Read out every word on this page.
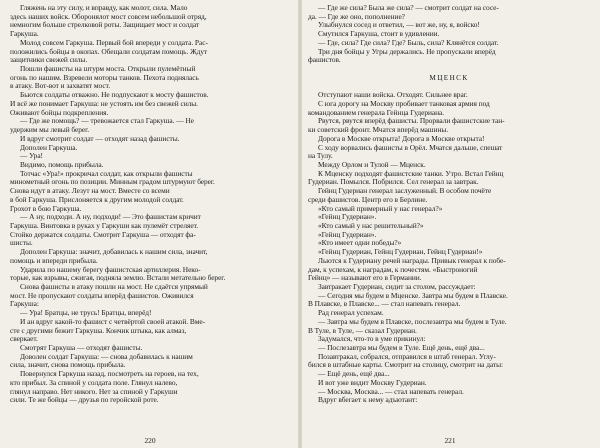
Гляжень на эту силу, и вправду, как молот, сила. Мало

здесь наших войск. Оборонялот мост совсем небольшой отряд,

немногим больше стрелковой роты. Защищает мост и солдат

Гаркуша.

Молод совсем Гаркуша. Первый бой впереди у солдата. Рас-

положились бойцы в окопах. Обещали солдатам помощь. Ждут

защитники свежей силы.

Пошли фашисты на штурм моста. Открыли пулемётный

огонь по нашим. Взревели моторы танков. Пехота поднялась

в атаку. Вот-вот и захватят мост.

Бьются солдаты отважно. Не подпускают к мосту фашистов.

И всё же понимает Гаркуша: не устоять им без свежей силы.

Оживают бойцы подкрепления.

— Где же помощь? — тревожается стал Гаркуша. — Не

удержим мы левый берег.

И вдруг смотрит солдат — отходят назад фашисты.

Дополен Гаркуша.

— Ура!

Видимо, помощь прибыла.

Тотчас «Ура!» прокричал солдат, как открыли фашисты

минометный огонь по позиции. Минным градом штурмуют берег.

Снова идут в атаку. Лезут на мост. Вместе со всеми

в бой Гаркуша. Прислоняется к другим молодой солдат.

Грохот в бою Гаркуша.

— А ну, подходи. А ну, подходи! — Это фашистам кричит

Гаркуша. Винтовка в руках у Гаркуши как пулемёт стреляет.

Стойко держатся солдаты. Смотрит Гаркуша — отходят фа-

шисты.

Дополен Гаркуша: значит, добавилась к нашим сила, значит,

помощь и впереди прибыла.

Ударила по нашему берегу фашистская артиллерия. Неко-

торые, как взрывы, сжигая, подняла землю. Встали метательно берег.

Снова фашисты в атаку пошли на мост. Не сдаётся упрямый

мост. Не пропускают солдаты вперёд фашистов. Оживился

Гаркуша:

— Ура! Братцы, не трусь! Братцы, вперёд!

И ан вдруг какой-то фашист с четвёртой своей атакой. Вме-

сте с другими бежит Гаркуша. Кончик штыка, как алмаз,

сверкает.

Смотрят Гаркуша — отходят фашисты.

Доволен солдат Гаркуша: — снова добавилась к нашим

сила, значит, снова помощь прибыла.

Повернулся Гаркуша назад, посмотреть на героев, на тех,

кто прибыл. За спиной у солдата поле. Глянул налево,

глянул направо. Нет никого. Нет за спиной у Гаркуши

сили. Те же бойцы — друзья по геройской роте.

220

— Где же сила? Была же сила? — смотрит солдат на сосе-

да. — Где же оно, пополнение?

Улыбнулся сосед и ответил, — вот же, ну, я, войско!

Смутился Гаркуша, стоит в удивлении.

— Где, сила? Где сила? Где? Быль, сила? Клянётся солдат.

Три дня бойцы у Угры держались. Не пропускали вперёд

фашистов.

МЦЕНСК

Отступают наши войска. Отходят. Сильнее враг.

С юга дорогу на Москву пробивает танковая армия под

командованием генерала Гейнца Гудериана.

Рвутся, рвутся вперёд фашисты. Прорвали фашистские тан-

ки советский фронт. Мчатся вперёд машины.

Дорога в Москве открыта! Дорога в Москве открыта!

С ходу ворвались фашисты в Орёл. Мчатся дальше, спешат

на Тулу.

Между Орлом и Тулой — Мценск.

К Мценску подходят фашистские танки. Утро. Встал Гейнц

Гудериан. Помылся. Побрился. Сел генерал за завтрак.

Гейнц Гудериан генерал заслуженный. В особом почёте

среди фашистов. Центр его в Берлине.

«Кто самый примерный у нас генерал?»

«Гейнц Гудериан».

«Кто самый у нас решительный?»

«Гейнц Гудериан».

«Кто имеет одни победы?»

«Гейнц Гудериан, Гейнц Гудериан, Гейнц Гудериан!»

Льются к Гудериану речей награды. Привык генерал к побе-

дам, к успехам, к наградам, к почестям. «Быстроногий

Гейнц» — называют его в Германии.

Завтракает Гудериан, сидит за столом, рассуждает:

— Сегодня мы будем в Мценске. Завтра мы будем в Плавске.

В Плавске, в Плавске... — стал напевать генерал.

Рад генерал успехам.

— Завтра мы будем в Плавске, послезавтра мы будем в Туле.

В Туле, в Туле, — сказал Гудериан.

Задумался, что-то в уме прикинул:

— Послезавтра мы будем в Туле. Ещё день, ещё два...

Позавтракал, собрался, отправился в штаб генерал. Углу-

бился в штабные карты. Смотрит на столицу, смотрит на даты:

— Ещё день, ещё два...

И вот уже видит Москву Гудериан.

— Москва, Москва... — стал напевать генерал.

Вдруг вбегает к нему адъютант:

221
